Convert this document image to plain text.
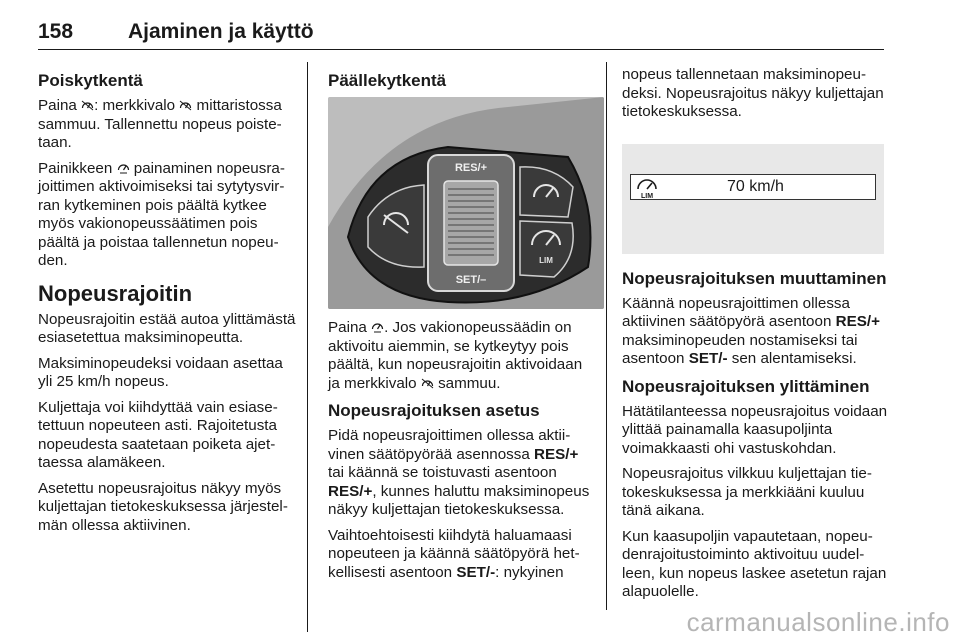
158	Ajaminen ja käyttö
Poiskytkentä

Paina
: merkkivalo
mittaristossa sammuu. Tallennettu nopeus poistetaan.

Painikkeen
painaminen nopeusrajoittimen aktivoimiseksi tai sytytysvirran kytkeminen pois päältä kytkee myös vakionopeussäätimen pois päältä ja poistaa tallennetun nopeuden.

Nopeusrajoitin

Nopeusrajoitin estää autoa ylittämästä esiasetettua maksiminopeutta.

Maksiminopeudeksi voidaan asettaa yli 25 km/h nopeus.

Kuljettaja voi kiihdyttää vain esiasetettuun nopeuteen asti. Rajoitetusta nopeudesta saatetaan poiketa ajettaessa alamäkeen.

Asetettu nopeusrajoitus näkyy myös kuljettajan tietokeskuksessa järjestelmän ollessa aktiivinen.

Päällekytkentä
RES/+
SET/–
LIM

Paina
. Jos vakionopeussäädin on aktivoitu aiemmin, se kytkeytyy pois päältä, kun nopeusrajoitin aktivoidaan ja merkkivalo
sammuu.

Nopeusrajoituksen asetus

Pidä nopeusrajoittimen ollessa aktiivinen säätöpyörää asennossa RES/+ tai käännä se toistuvasti asentoon RES/+, kunnes haluttu maksiminopeus näkyy kuljettajan tietokeskuksessa.

Vaihtoehtoisesti kiihdytä haluamaasi nopeuteen ja käännä säätöpyörä hetkellisesti asentoon SET/-: nykyinen

nopeus tallennetaan maksiminopeudeksi. Nopeusrajoitus näkyy kuljettajan tietokeskuksessa.

LIM
70 km/h
Nopeusrajoituksen muuttaminen

Käännä nopeusrajoittimen ollessa aktiivinen säätöpyörä asentoon RES/+ maksiminopeuden nostamiseksi tai asentoon SET/- sen alentamiseksi.

Nopeusrajoituksen ylittäminen

Hätätilanteessa nopeusrajoitus voidaan ylittää painamalla kaasupoljinta voimakkaasti ohi vastuskohdan.

Nopeusrajoitus vilkkuu kuljettajan tietokeskuksessa ja merkkiääni kuuluu tänä aikana.

Kun kaasupoljin vapautetaan, nopeudenrajoitustoiminto aktivoituu uudelleen, kun nopeus laskee asetetun rajan alapuolelle.

carmanualsonline.info
